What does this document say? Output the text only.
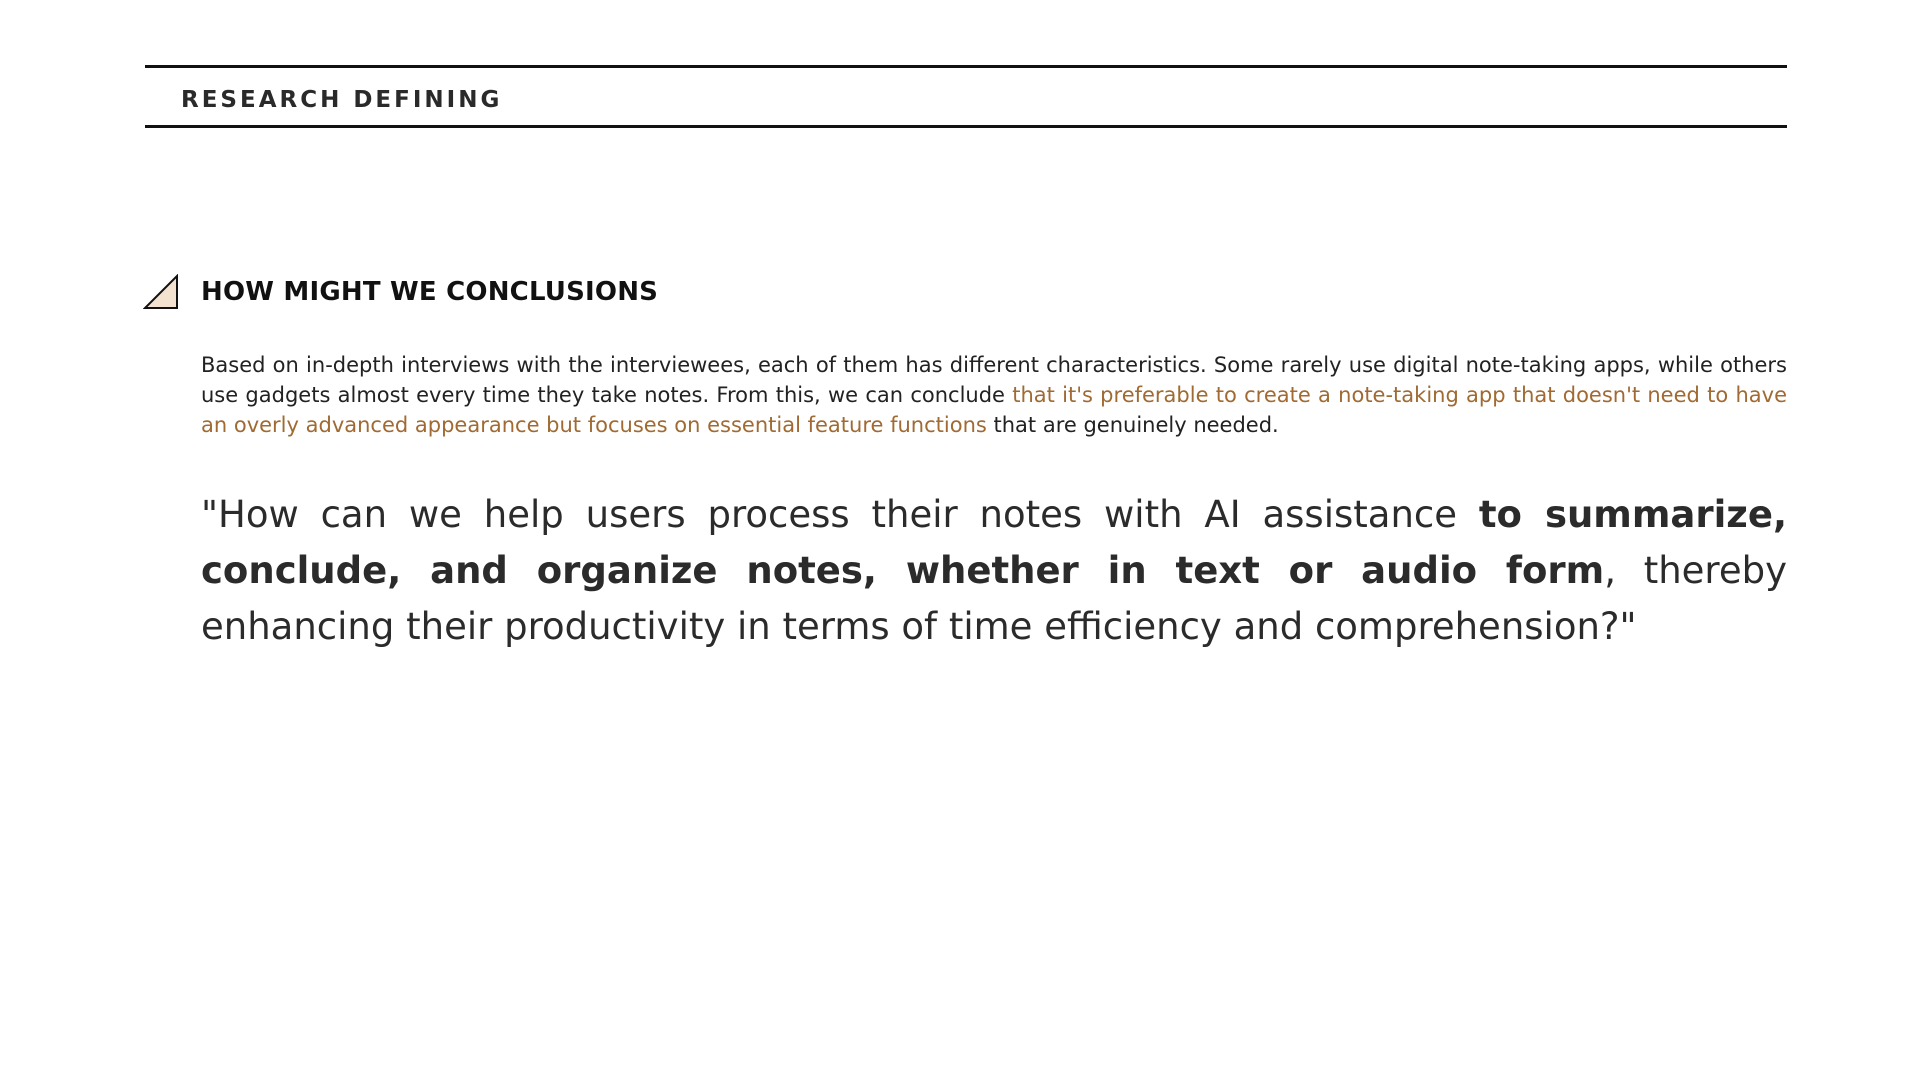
RESEARCH DEFINING
HOW MIGHT WE CONCLUSIONS

Based on in-depth interviews with the interviewees, each of them has different characteristics. Some rarely use digital note-taking apps, while others use gadgets almost every time they take notes. From this, we can conclude that it's preferable to create a note-taking app that doesn't need to have an overly advanced appearance but focuses on essential feature functions that are genuinely needed.

"How can we help users process their notes with AI assistance to summarize, conclude, and organize notes, whether in text or audio form, thereby enhancing their productivity in terms of time efficiency and comprehension?"
